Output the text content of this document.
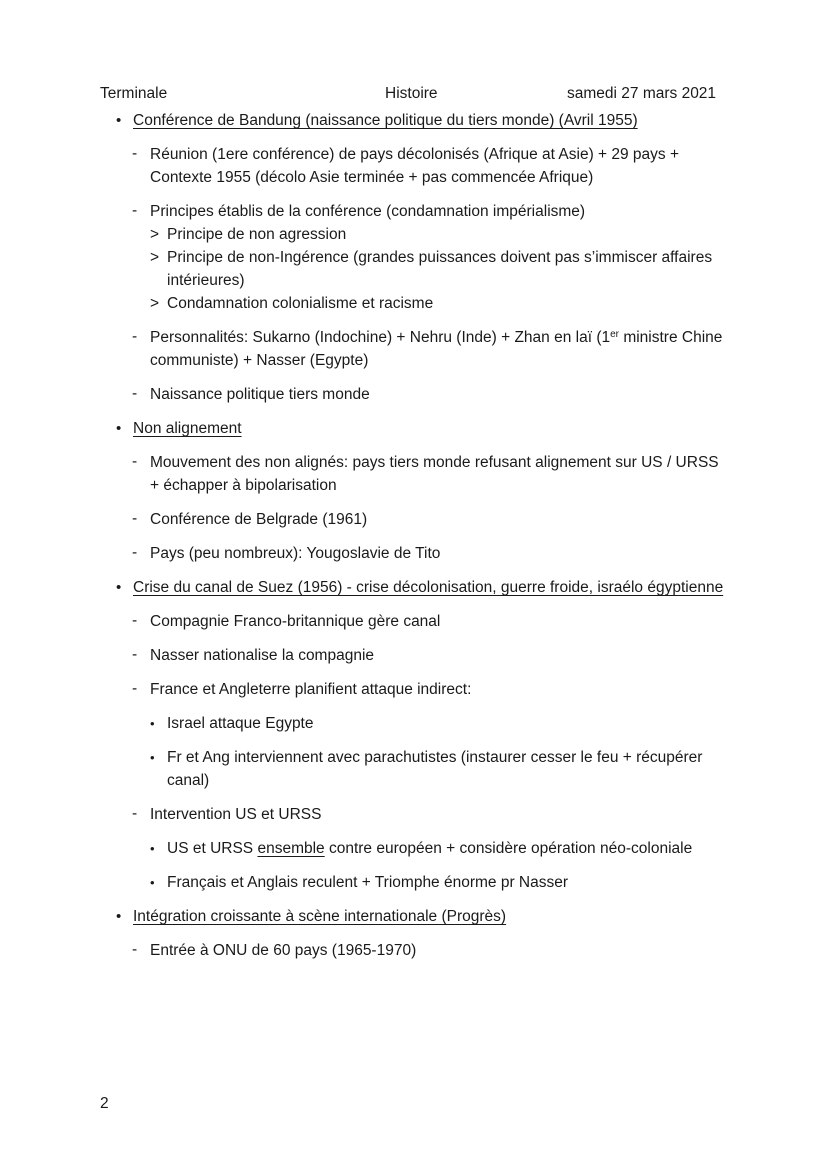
Terminale	Histoire	samedi 27 mars 2021
• Conférence de Bandung (naissance politique du tiers monde) (Avril 1955)
- Réunion (1ere conférence) de pays décolonisés (Afrique at Asie) + 29 pays + Contexte 1955 (décolo Asie terminée + pas commencée Afrique)
- Principes établis de la conférence (condamnation impérialisme)
> Principe de non agression
> Principe de non-Ingérence (grandes puissances doivent pas s’immiscer affaires intérieures)
> Condamnation colonialisme et racisme
- Personnalités: Sukarno (Indochine) + Nehru (Inde) + Zhan en laï (1er ministre Chine communiste) + Nasser (Egypte)
- Naissance politique tiers monde
• Non alignement
- Mouvement des non alignés: pays tiers monde refusant alignement sur US / URSS + échapper à bipolarisation
- Conférence de Belgrade (1961)
- Pays (peu nombreux): Yougoslavie de Tito
• Crise du canal de Suez (1956) - crise décolonisation, guerre froide, israélo égyptienne
- Compagnie Franco-britannique gère canal
- Nasser nationalise la compagnie
- France et Angleterre planifient attaque indirect:
• Israel attaque Egypte
• Fr et Ang interviennent avec parachutistes (instaurer cesser le feu + récupérer canal)
- Intervention US et URSS
• US et URSS ensemble contre européen + considère opération néo-coloniale
• Français et Anglais reculent + Triomphe énorme pr Nasser
• Intégration croissante à scène internationale (Progrès)
- Entrée à ONU de 60 pays (1965-1970)
2
